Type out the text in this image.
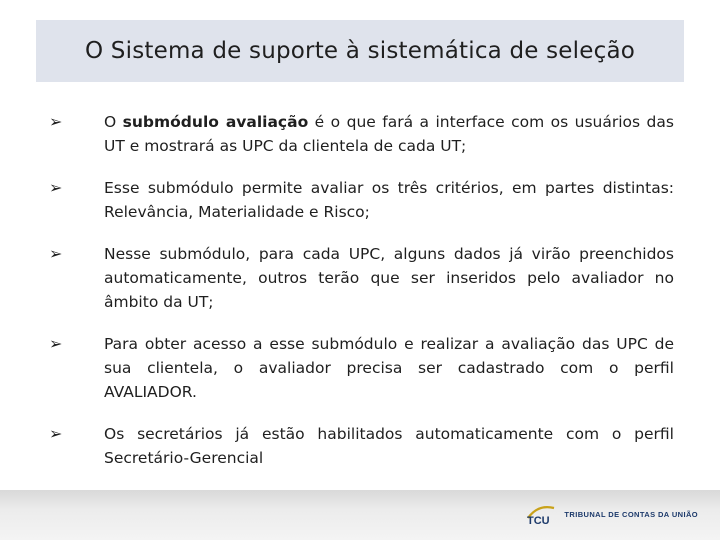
O Sistema de suporte à sistemática de seleção
➢	O submódulo avaliação é o que fará a interface com os usuários das UT e mostrará as UPC da clientela de cada UT;
➢	Esse submódulo permite avaliar os três critérios, em partes distintas: Relevância, Materialidade e Risco;
➢	Nesse submódulo, para cada UPC, alguns dados já virão preenchidos automaticamente, outros terão que ser inseridos pelo avaliador no âmbito da UT;
➢	Para obter acesso a esse submódulo e realizar a avaliação das UPC de sua clientela, o avaliador precisa ser cadastrado com o perfil AVALIADOR.
➢	Os secretários já estão habilitados automaticamente com o perfil Secretário-Gerencial
TCU
TRIBUNAL DE CONTAS DA UNIÃO
